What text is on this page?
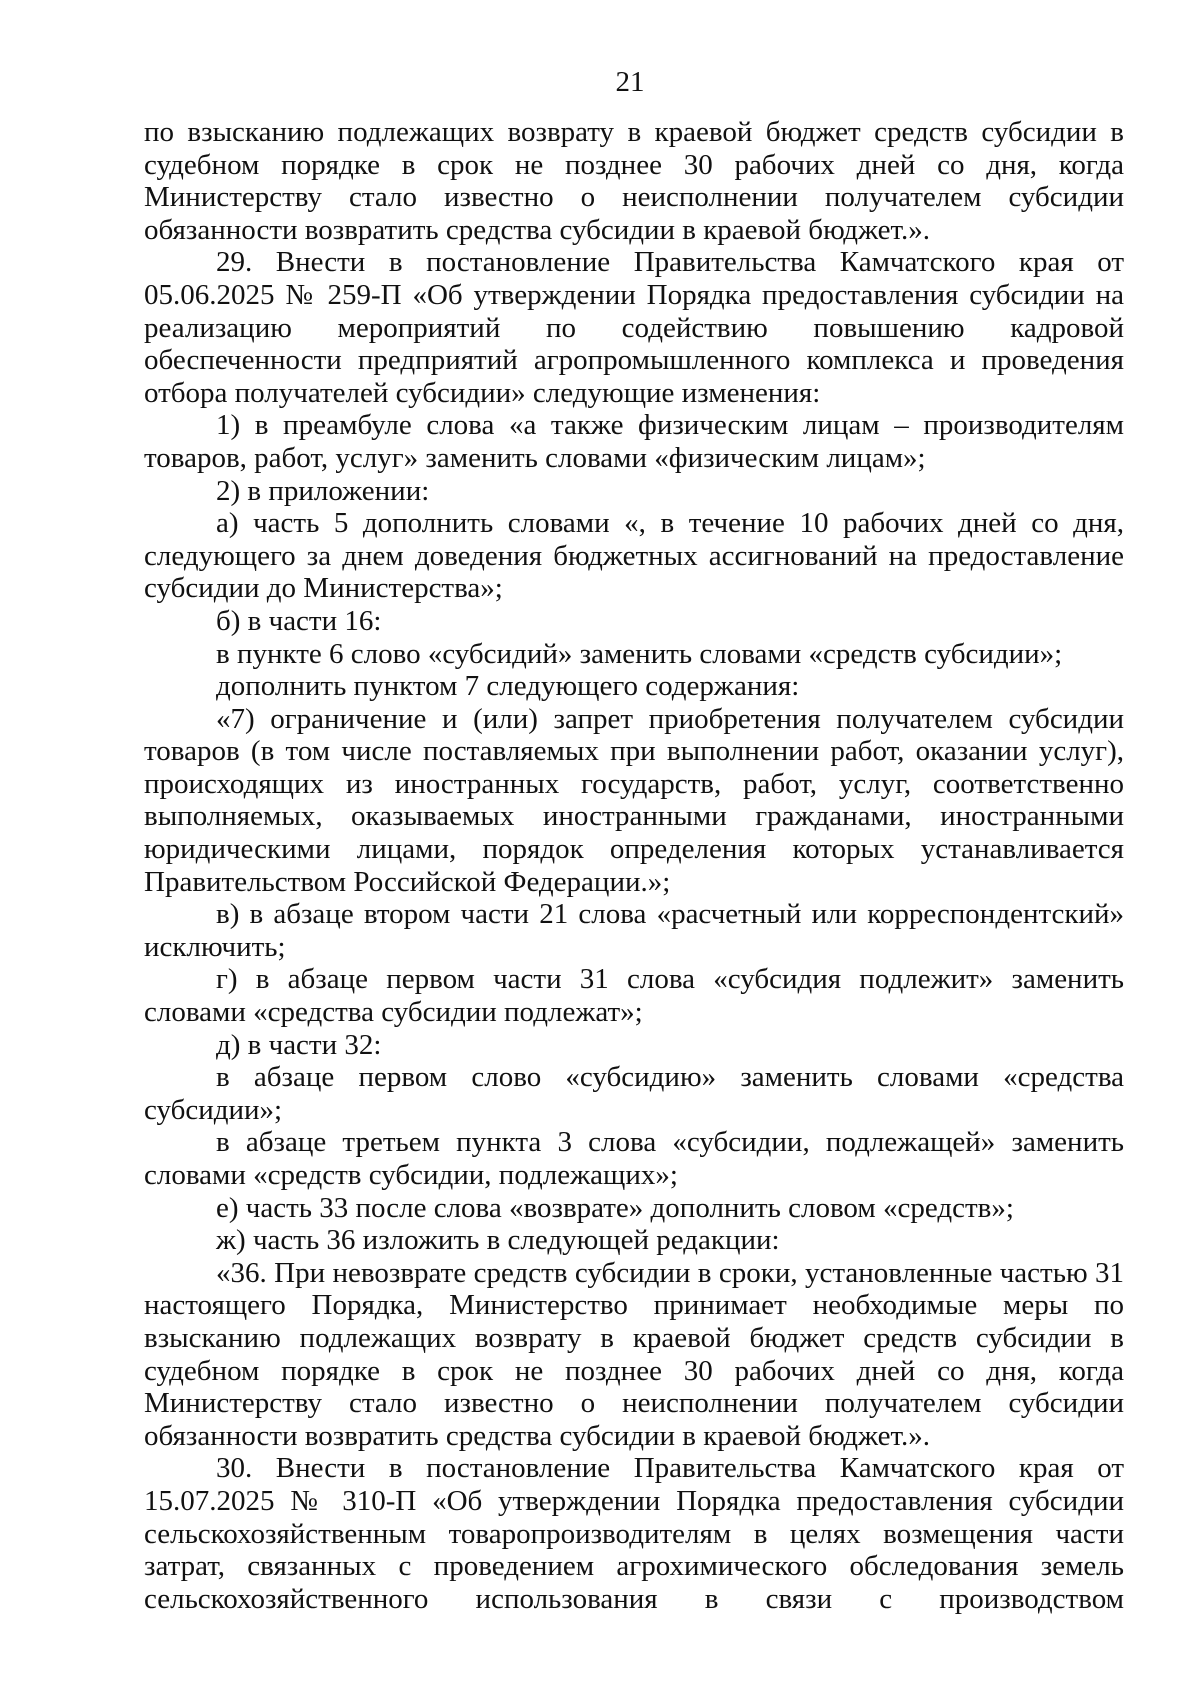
21

по взысканию подлежащих возврату в краевой бюджет средств субсидии в судебном порядке в срок не позднее 30 рабочих дней со дня, когда Министерству стало известно о неисполнении получателем субсидии обязанности возвратить средства субсидии в краевой бюджет.».

29. Внести в постановление Правительства Камчатского края от 05.06.2025 № 259-П «Об утверждении Порядка предоставления субсидии на реализацию мероприятий по содействию повышению кадровой обеспеченности предприятий агропромышленного комплекса и проведения отбора получателей субсидии» следующие изменения:

1) в преамбуле слова «а также физическим лицам – производителям товаров, работ, услуг» заменить словами «физическим лицам»;

2) в приложении:

а) часть 5 дополнить словами «, в течение 10 рабочих дней со дня, следующего за днем доведения бюджетных ассигнований на предоставление субсидии до Министерства»;

б) в части 16:

в пункте 6 слово «субсидий» заменить словами «средств субсидии»;

дополнить пунктом 7 следующего содержания:

«7) ограничение и (или) запрет приобретения получателем субсидии товаров (в том числе поставляемых при выполнении работ, оказании услуг), происходящих из иностранных государств, работ, услуг, соответственно выполняемых, оказываемых иностранными гражданами, иностранными юридическими лицами, порядок определения которых устанавливается Правительством Российской Федерации.»;

в) в абзаце втором части 21 слова «расчетный или корреспондентский» исключить;

г) в абзаце первом части 31 слова «субсидия подлежит» заменить словами «средства субсидии подлежат»;

д) в части 32:

в абзаце первом слово «субсидию» заменить словами «средства субсидии»;

в абзаце третьем пункта 3 слова «субсидии, подлежащей» заменить словами «средств субсидии, подлежащих»;

е) часть 33 после слова «возврате» дополнить словом «средств»;

ж) часть 36 изложить в следующей редакции:

«36. При невозврате средств субсидии в сроки, установленные частью 31 настоящего Порядка, Министерство принимает необходимые меры по взысканию подлежащих возврату в краевой бюджет средств субсидии в судебном порядке в срок не позднее 30 рабочих дней со дня, когда Министерству стало известно о неисполнении получателем субсидии обязанности возвратить средства субсидии в краевой бюджет.».

30. Внести в постановление Правительства Камчатского края от 15.07.2025 № 310-П «Об утверждении Порядка предоставления субсидии сельскохозяйственным товаропроизводителям в целях возмещения части затрат, связанных с проведением агрохимического обследования земель сельскохозяйственного использования в связи с производством
